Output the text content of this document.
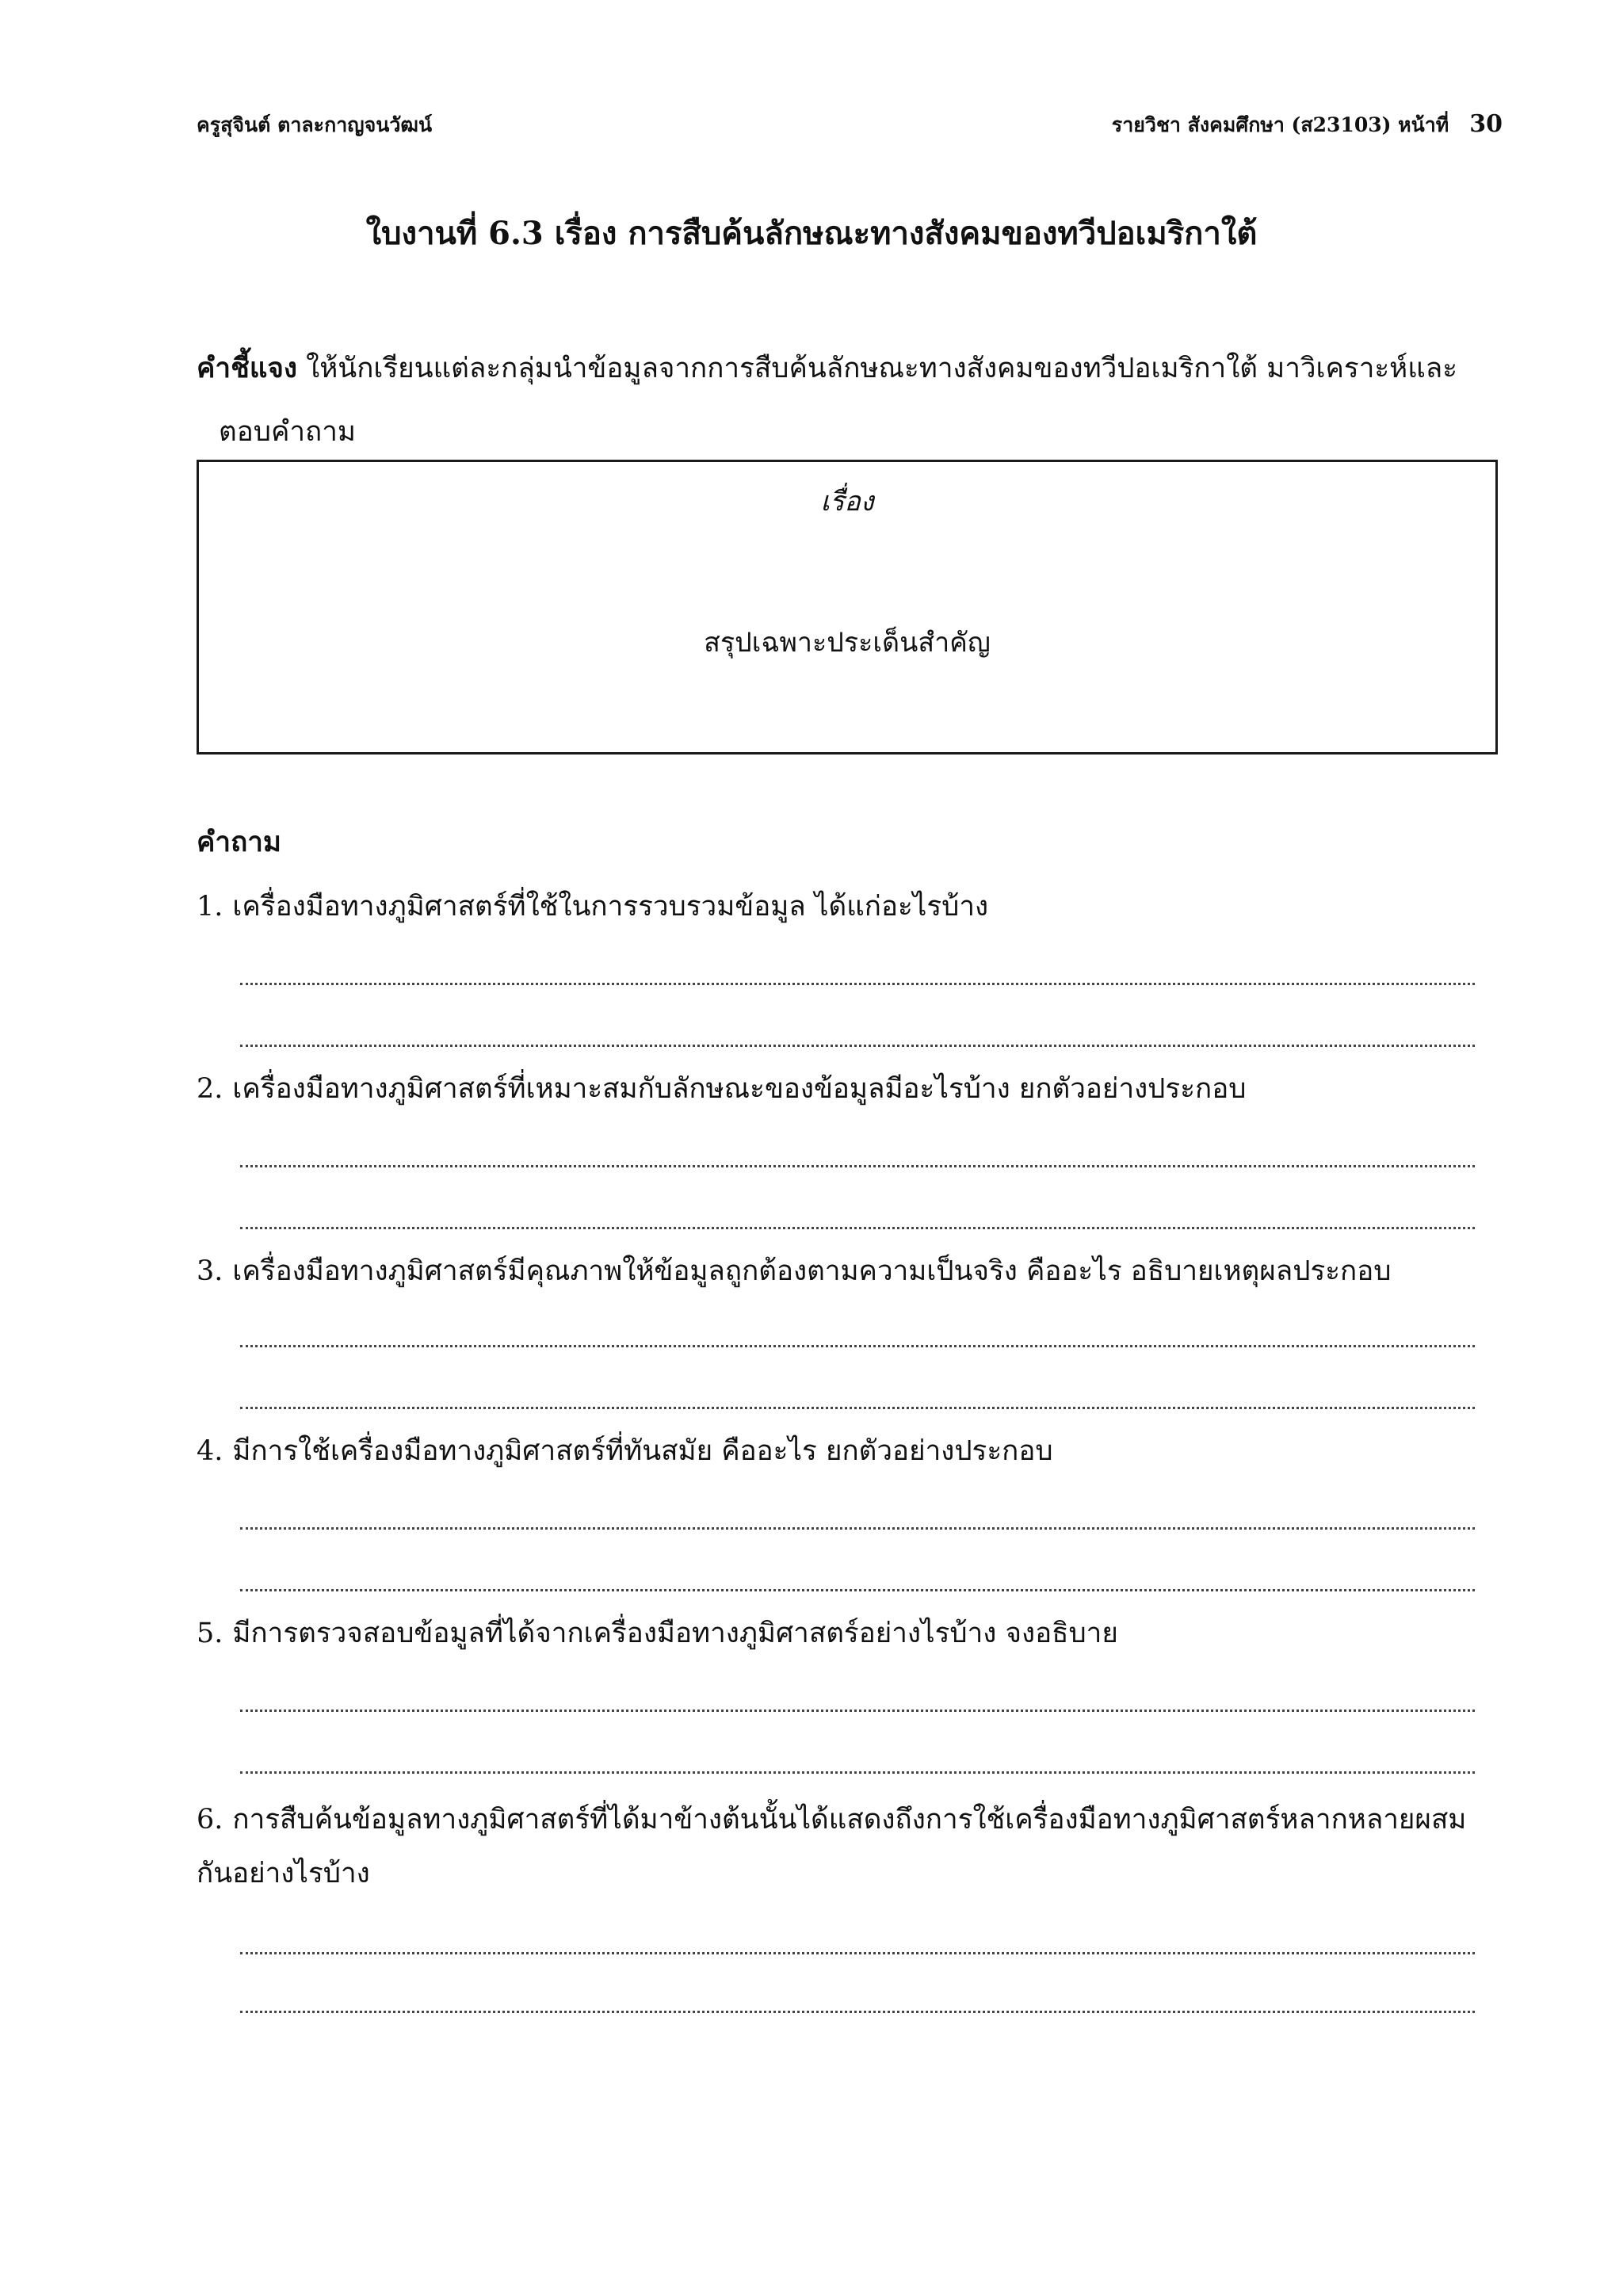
ครูสุจินต์ ตาละกาญจนวัฒน์	รายวิชา สังคมศึกษา (ส23103) หน้าที่ 30
ใบงานที่ 6.3 เรื่อง การสืบค้นลักษณะทางสังคมของทวีปอเมริกาใต้
คำชี้แจง ให้นักเรียนแต่ละกลุ่มนำข้อมูลจากการสืบค้นลักษณะทางสังคมของทวีปอเมริกาใต้ มาวิเคราะห์และ
ตอบคำถาม
เรื่อง
สรุปเฉพาะประเด็นสำคัญ
คำถาม
1. เครื่องมือทางภูมิศาสตร์ที่ใช้ในการรวบรวมข้อมูล ได้แก่อะไรบ้าง
2. เครื่องมือทางภูมิศาสตร์ที่เหมาะสมกับลักษณะของข้อมูลมีอะไรบ้าง ยกตัวอย่างประกอบ
3. เครื่องมือทางภูมิศาสตร์มีคุณภาพให้ข้อมูลถูกต้องตามความเป็นจริง คืออะไร อธิบายเหตุผลประกอบ
4. มีการใช้เครื่องมือทางภูมิศาสตร์ที่ทันสมัย คืออะไร ยกตัวอย่างประกอบ
5. มีการตรวจสอบข้อมูลที่ได้จากเครื่องมือทางภูมิศาสตร์อย่างไรบ้าง จงอธิบาย
6. การสืบค้นข้อมูลทางภูมิศาสตร์ที่ได้มาข้างต้นนั้นได้แสดงถึงการใช้เครื่องมือทางภูมิศาสตร์หลากหลายผสม
กันอย่างไรบ้าง
